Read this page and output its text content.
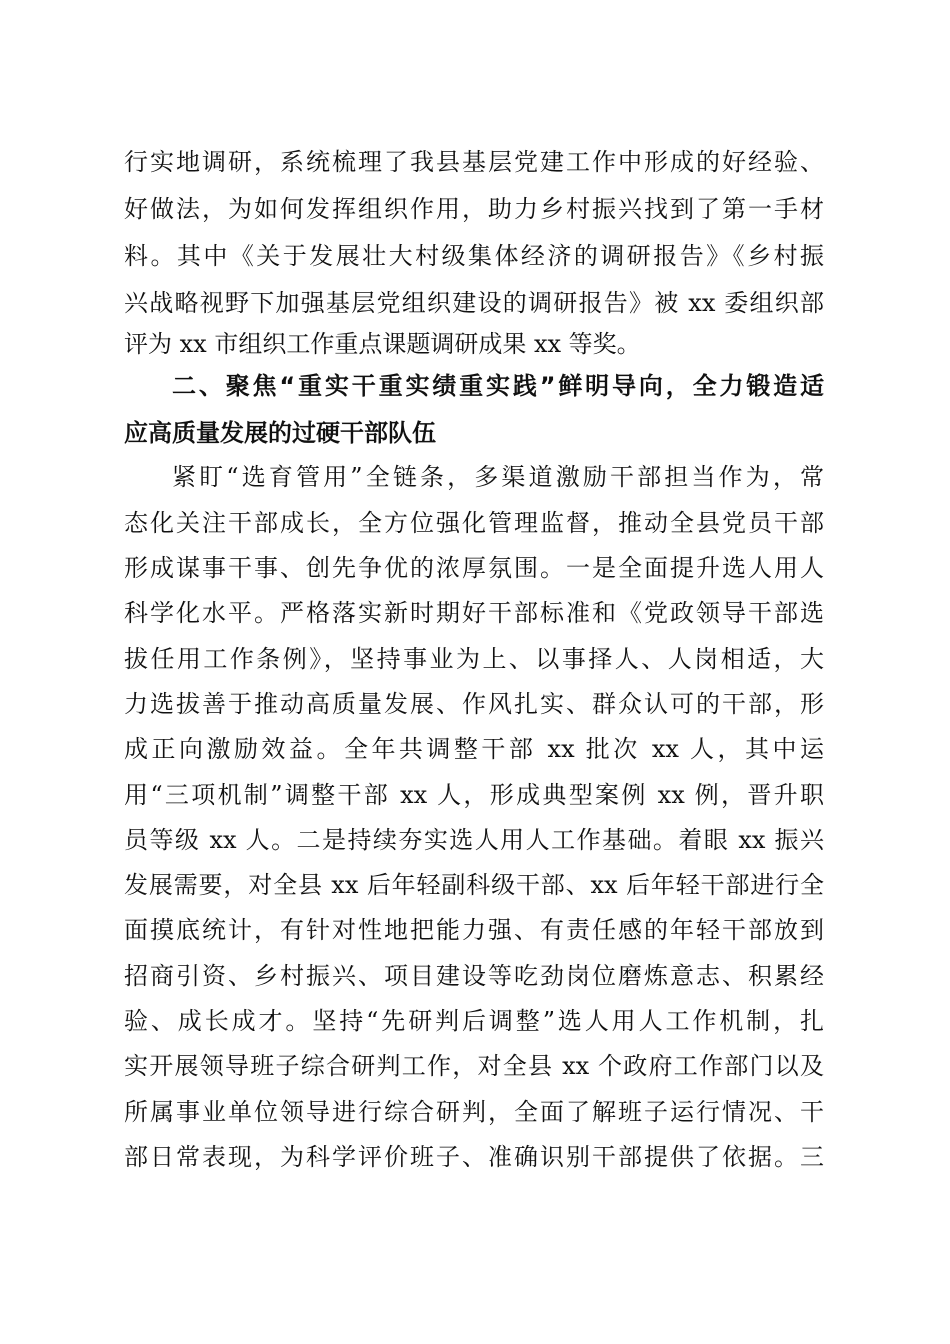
行实地调研，系统梳理了我县基层党建工作中形成的好经验、
好做法，为如何发挥组织作用，助力乡村振兴找到了第一手材
料。其中《关于发展壮大村级集体经济的调研报告》《乡村振
兴战略视野下加强基层党组织建设的调研报告》被 xx 委组织部
评为 xx 市组织工作重点课题调研成果 xx 等奖。
二、聚焦“重实干重实绩重实践”鲜明导向，全力锻造适
应高质量发展的过硬干部队伍
紧盯“选育管用”全链条，多渠道激励干部担当作为，常
态化关注干部成长，全方位强化管理监督，推动全县党员干部
形成谋事干事、创先争优的浓厚氛围。一是全面提升选人用人
科学化水平。严格落实新时期好干部标准和《党政领导干部选
拔任用工作条例》，坚持事业为上、以事择人、人岗相适，大
力选拔善于推动高质量发展、作风扎实、群众认可的干部，形
成正向激励效益。全年共调整干部 xx 批次 xx 人，其中运
用“三项机制”调整干部 xx 人，形成典型案例 xx 例，晋升职
员等级 xx 人。二是持续夯实选人用人工作基础。着眼 xx 振兴
发展需要，对全县 xx 后年轻副科级干部、xx 后年轻干部进行全
面摸底统计，有针对性地把能力强、有责任感的年轻干部放到
招商引资、乡村振兴、项目建设等吃劲岗位磨炼意志、积累经
验、成长成才。坚持“先研判后调整”选人用人工作机制，扎
实开展领导班子综合研判工作，对全县 xx 个政府工作部门以及
所属事业单位领导进行综合研判，全面了解班子运行情况、干
部日常表现，为科学评价班子、准确识别干部提供了依据。三
